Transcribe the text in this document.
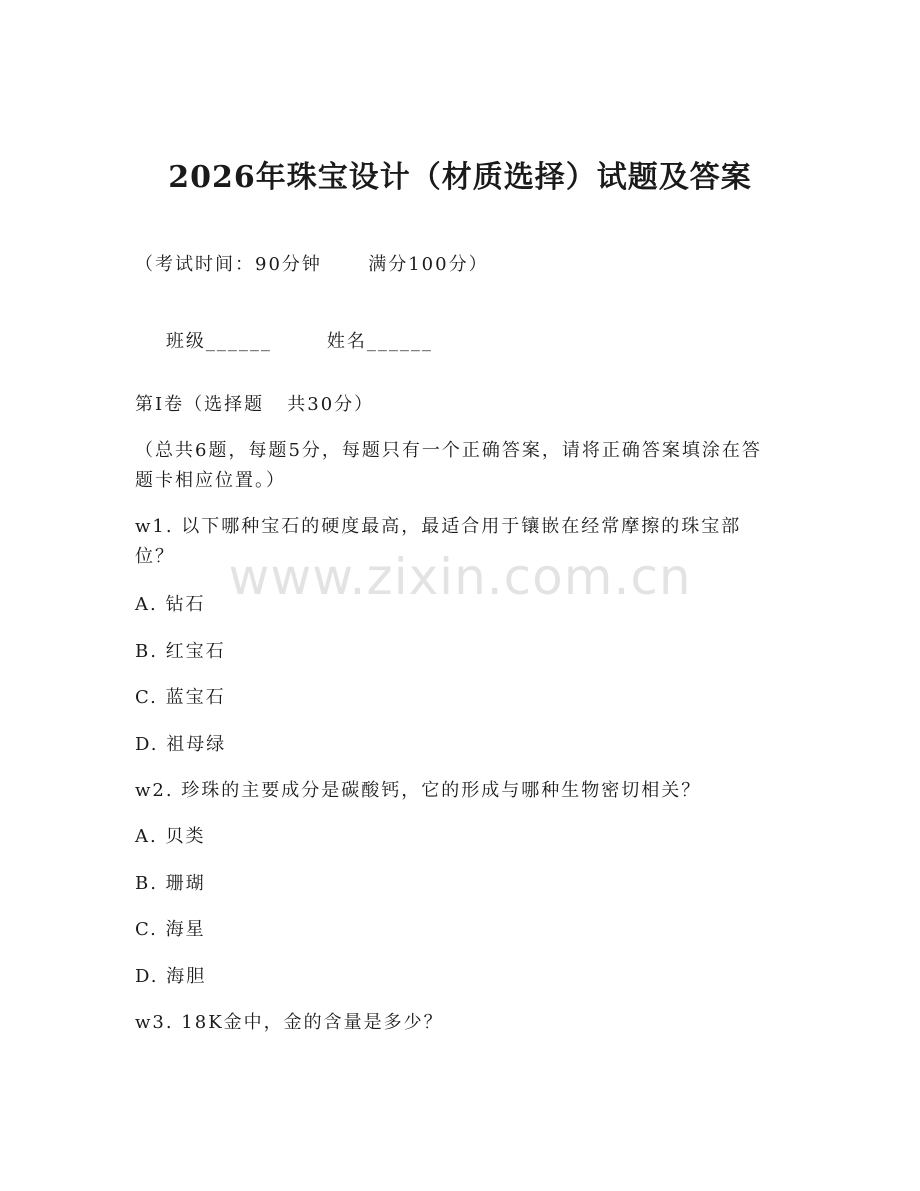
2026年珠宝设计（材质选择）试题及答案
（考试时间：90分钟      满分100分）

班级______	姓名______

第Ⅰ卷（选择题   共30分）
（总共6题，每题5分，每题只有一个正确答案，请将正确答案填涂在答题卡相应位置。）
w1. 以下哪种宝石的硬度最高，最适合用于镶嵌在经常摩擦的珠宝部位？
A. 钻石
B. 红宝石
C. 蓝宝石
D. 祖母绿
w2. 珍珠的主要成分是碳酸钙，它的形成与哪种生物密切相关？
A. 贝类
B. 珊瑚
C. 海星
D. 海胆
w3. 18K金中，金的含量是多少？
www.zixin.com.cn
